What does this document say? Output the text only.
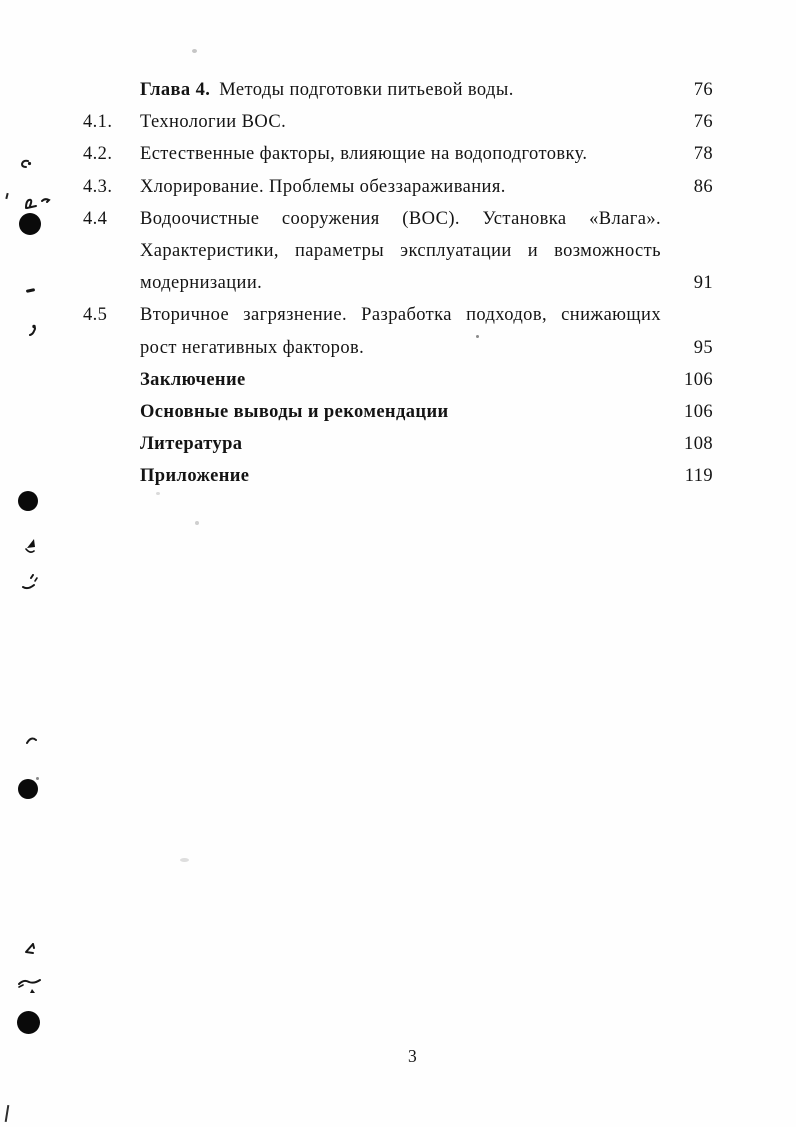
Глава 4. Методы подготовки питьевой воды.	76
4.1.	Технологии ВОС.	76
4.2.	Естественные факторы, влияющие на водоподготовку.	78
4.3.	Хлорирование. Проблемы обеззараживания.	86
4.4	Водоочистные сооружения (ВОС). Установка «Влага». Характеристики, параметры эксплуатации и возможность модернизации.	91
4.5	Вторичное загрязнение. Разработка подходов, снижающих рост негативных факторов.	95
Заключение	106
Основные выводы и рекомендации	106
Литература	108
Приложение	119
3
